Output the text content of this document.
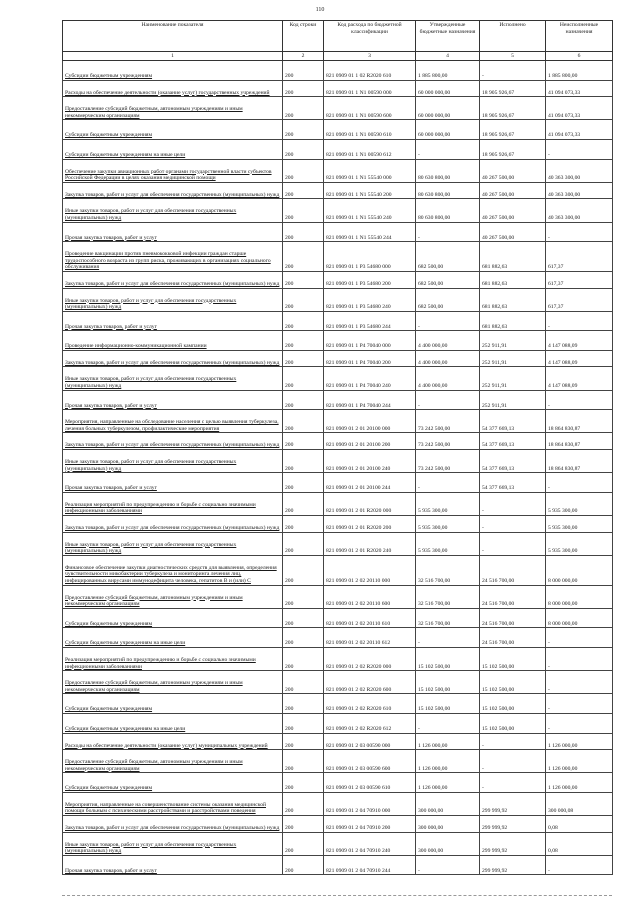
110
Наименование показателя	Код строки	Код расхода по бюджетной классификации	Утвержденные бюджетные назначения	Исполнено	Неисполненные назначения
1	2	3	4	5	6

Субсидии бюджетным учреждениям	200	821 0909 01 1 02 R2020 610	1 885 800,00	-	1 885 800,00

Расходы на обеспечение деятельности (оказание услуг) государственных учреждений	200	821 0909 01 1 N1 00590 000	60 000 000,00	18 905 926,67	41 094 073,33

Предоставление субсидий бюджетным, автономным учреждениям и иным некоммерческим организациям	200	821 0909 01 1 N1 00590 600	60 000 000,00	18 905 926,67	41 094 073,33

Субсидии бюджетным учреждениям	200	821 0909 01 1 N1 00590 610	60 000 000,00	18 905 926,67	41 094 073,33

Субсидии бюджетным учреждениям на иные цели	200	821 0909 01 1 N1 00590 612	-	18 905 926,67	-

Обеспечение закупки авиационных работ органами государственной власти субъектов Российской Федерации в целях оказания медицинской помощи	200	821 0909 01 1 N1 55540 000	80 630 800,00	40 267 500,00	40 363 300,00

Закупка товаров, работ и услуг для обеспечения государственных (муниципальных) нужд	200	821 0909 01 1 N1 55540 200	80 630 800,00	40 267 500,00	40 363 300,00

Иные закупки товаров, работ и услуг для обеспечения государственных (муниципальных) нужд	200	821 0909 01 1 N1 55540 240	80 630 800,00	40 267 500,00	40 363 300,00

Прочая закупка товаров, работ и услуг	200	821 0909 01 1 N1 55540 244	-	40 267 500,00	-

Проведение вакцинации против пневмококковой инфекции граждан старше трудоспособного возраста из групп риска, проживающих в организациях социального обслуживания	200	821 0909 01 1 P3 54680 000	682 500,00	681 882,63	617,37

Закупка товаров, работ и услуг для обеспечения государственных (муниципальных) нужд	200	821 0909 01 1 P3 54680 200	682 500,00	681 882,63	617,37

Иные закупки товаров, работ и услуг для обеспечения государственных (муниципальных) нужд	200	821 0909 01 1 P3 54680 240	682 500,00	681 882,63	617,37

Прочая закупка товаров, работ и услуг	200	821 0909 01 1 P3 54680 244	-	681 882,63	-

Проведение информационно-коммуникационной кампании	200	821 0909 01 1 P4 70040 000	4 400 000,00	252 911,91	4 147 088,09

Закупка товаров, работ и услуг для обеспечения государственных (муниципальных) нужд	200	821 0909 01 1 P4 70040 200	4 400 000,00	252 911,91	4 147 088,09

Иные закупки товаров, работ и услуг для обеспечения государственных (муниципальных) нужд	200	821 0909 01 1 P4 70040 240	4 400 000,00	252 911,91	4 147 088,09

Прочая закупка товаров, работ и услуг	200	821 0909 01 1 P4 70040 244	-	252 911,91	-

Мероприятия, направленные на обследование населения с целью выявления туберкулеза, лечения больных туберкулезом, профилактические мероприятия	200	821 0909 01 2 01 20100 000	73 242 500,00	54 377 669,13	18 864 830,87

Закупка товаров, работ и услуг для обеспечения государственных (муниципальных) нужд	200	821 0909 01 2 01 20100 200	73 242 500,00	54 377 669,13	18 864 830,87

Иные закупки товаров, работ и услуг для обеспечения государственных (муниципальных) нужд	200	821 0909 01 2 01 20100 240	73 242 500,00	54 377 669,13	18 864 830,87

Прочая закупка товаров, работ и услуг	200	821 0909 01 2 01 20100 244	-	54 377 669,13	-

Реализация мероприятий по предупреждению и борьбе с социально значимыми инфекционными заболеваниями	200	821 0909 01 2 01 R2020 000	5 935 300,00	-	5 935 300,00

Закупка товаров, работ и услуг для обеспечения государственных (муниципальных) нужд	200	821 0909 01 2 01 R2020 200	5 935 300,00	-	5 935 300,00

Иные закупки товаров, работ и услуг для обеспечения государственных (муниципальных) нужд	200	821 0909 01 2 01 R2020 240	5 935 300,00	-	5 935 300,00

Финансовое обеспечение закупки диагностических средств для выявления, определения чувствительности микобактерии туберкулеза и мониторинга лечения лиц, инфицированных вирусами иммунодефицита человека, гепатитов В и (или) С	200	821 0909 01 2 02 20110 000	32 516 700,00	24 516 700,00	8 000 000,00

Предоставление субсидий бюджетным, автономным учреждениям и иным некоммерческим организациям	200	821 0909 01 2 02 20110 600	32 516 700,00	24 516 700,00	8 000 000,00

Субсидии бюджетным учреждениям	200	821 0909 01 2 02 20110 610	32 516 700,00	24 516 700,00	8 000 000,00

Субсидии бюджетным учреждениям на иные цели	200	821 0909 01 2 02 20110 612	-	24 516 700,00	-

Реализация мероприятий по предупреждению и борьбе с социально значимыми инфекционными заболеваниями	200	821 0909 01 2 02 R2020 000	15 102 500,00	15 102 500,00	-

Предоставление субсидий бюджетным, автономным учреждениям и иным некоммерческим организациям	200	821 0909 01 2 02 R2020 600	15 102 500,00	15 102 500,00	-

Субсидии бюджетным учреждениям	200	821 0909 01 2 02 R2020 610	15 102 500,00	15 102 500,00	-

Субсидии бюджетным учреждениям на иные цели	200	821 0909 01 2 02 R2020 612	-	15 102 500,00	-

Расходы на обеспечение деятельности (оказание услуг) муниципальных учреждений	200	821 0909 01 2 03 00590 000	1 126 000,00	-	1 126 000,00

Предоставление субсидий бюджетным, автономным учреждениям и иным некоммерческим организациям	200	821 0909 01 2 03 00590 600	1 126 000,00	-	1 126 000,00

Субсидии бюджетным учреждениям	200	821 0909 01 2 03 00590 610	1 126 000,00	-	1 126 000,00

Мероприятия, направленные на совершенствование системы оказания медицинской помощи больным с психическими расстройствами и расстройствами поведения	200	821 0909 01 2 04 70910 000	300 000,00	299 999,92	300 000,08

Закупка товаров, работ и услуг для обеспечения государственных (муниципальных) нужд	200	821 0909 01 2 04 70910 200	300 000,00	299 999,92	0,08

Иные закупки товаров, работ и услуг для обеспечения государственных (муниципальных) нужд	200	821 0909 01 2 04 70910 240	300 000,00	299 999,92	0,08

Прочая закупка товаров, работ и услуг	200	821 0909 01 2 04 70910 244	-	299 999,92	-
